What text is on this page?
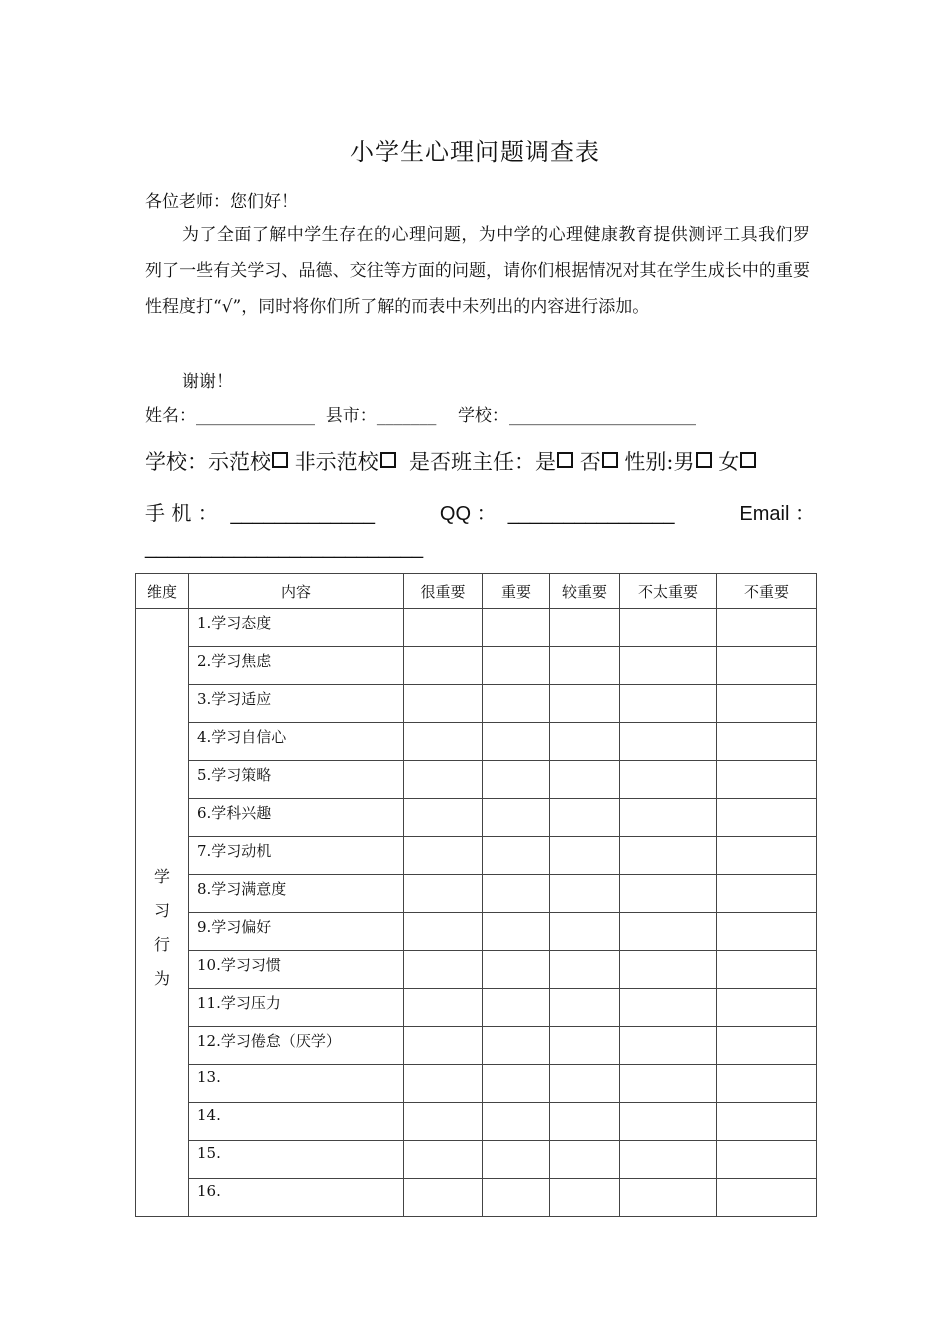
小学生心理问题调查表

各位老师：您们好！

为了全面了解中学生存在的心理问题，为中学的心理健康教育提供测评工具我们罗列了一些有关学习、品德、交往等方面的问题，请你们根据情况对其在学生成长中的重要性程度打“√”，同时将你们所了解的而表中未列出的内容进行添加。

谢谢！

姓名：______________ 县市：_______ 学校：______________________

学校：示范校 非示范校 是否班主任：是 否 性别:男 女
手 机 ： _____________	QQ ： _______________	Email ：
_________________________
维度	内容	很重要	重要	较重要	不太重要	不重要
学习行为	1.学习态度					
	2.学习焦虑					
	3.学习适应					
	4.学习自信心					
	5.学习策略					
	6.学科兴趣					
	7.学习动机					
	8.学习满意度					
	9.学习偏好					
	10.学习习惯					
	11.学习压力					
	12.学习倦怠（厌学）					
	13.					
	14.					
	15.					
	16.					
